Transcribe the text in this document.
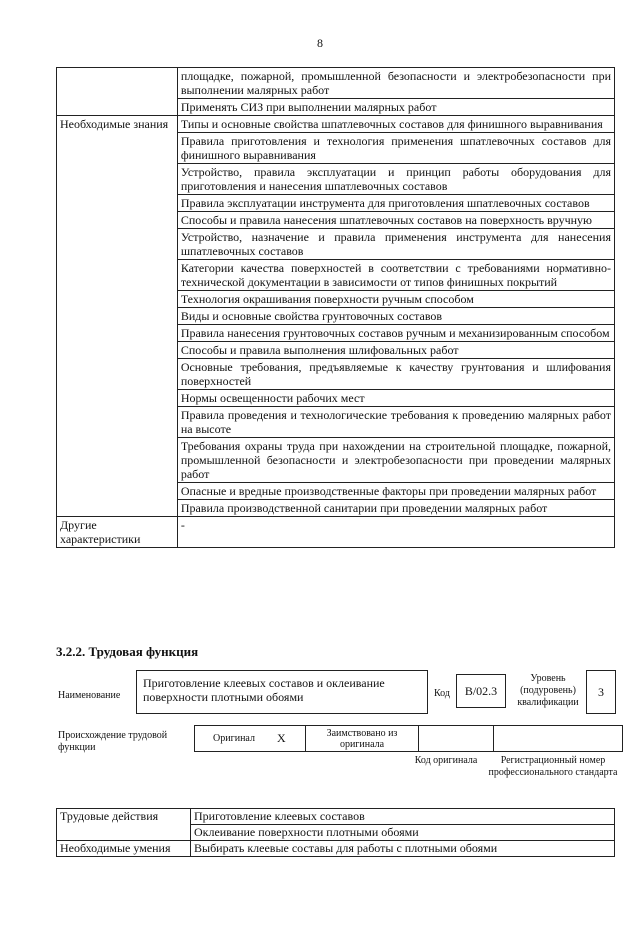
8
	площадке, пожарной, промышленной безопасности и электробезопасности при выполнении малярных работ
	Применять СИЗ при выполнении малярных работ
Необходимые знания	Типы и основные свойства шпатлевочных составов для финишного выравнивания
	Правила приготовления и технология применения шпатлевочных составов для финишного выравнивания
	Устройство, правила эксплуатации и принцип работы оборудования для приготовления и нанесения шпатлевочных составов
	Правила эксплуатации инструмента для приготовления шпатлевочных составов
	Способы и правила нанесения шпатлевочных составов на поверхность вручную
	Устройство, назначение и правила применения инструмента для нанесения шпатлевочных составов
	Категории качества поверхностей в соответствии с требованиями нормативно-технической документации в зависимости от типов финишных покрытий
	Технология окрашивания поверхности ручным способом
	Виды и основные свойства грунтовочных составов
	Правила нанесения грунтовочных составов ручным и механизированным способом
	Способы и правила выполнения шлифовальных работ
	Основные требования, предъявляемые к качеству грунтования и шлифования поверхностей
	Нормы освещенности рабочих мест
	Правила проведения и технологические требования к проведению малярных работ на высоте
	Требования охраны труда при нахождении на строительной площадке, пожарной, промышленной безопасности и электробезопасности при проведении малярных работ
	Опасные и вредные производственные факторы при проведении малярных работ
	Правила производственной санитарии при проведении малярных работ
Другие характеристики	-
3.2.2. Трудовая функция
Наименование
Приготовление клеевых составов и оклеивание поверхности плотными обоями	Код	B/02.3
Уровень (подуровень) квалификации
3
Происхождение трудовой функции
Оригинал	X	Заимствовано из оригинала		
Код оригинала	Регистрационный номер профессионального стандарта
Трудовые действия	Приготовление клеевых составов
	Оклеивание поверхности плотными обоями
Необходимые умения	Выбирать клеевые составы для работы с плотными обоями
